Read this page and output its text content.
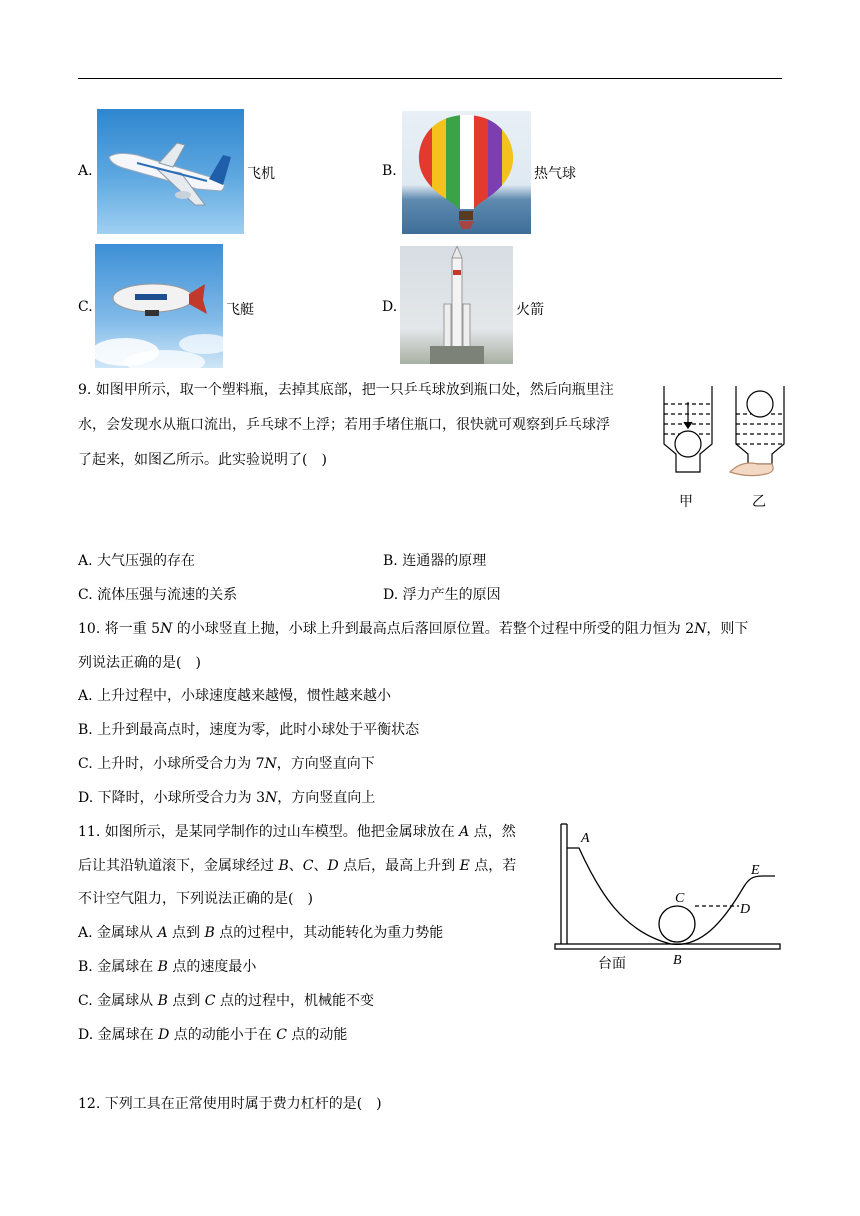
A.	飞机	B.	热气球
C.	飞艇	D.	火箭
9. 如图甲所示，取一个塑料瓶，去掉其底部，把一只乒乓球放到瓶口处，然后向瓶里注
水，会发现水从瓶口流出，乒乓球不上浮；若用手堵住瓶口，很快就可观察到乒乓球浮
了起来，如图乙所示。此实验说明了(　)
甲	乙
A. 大气压强的存在	B. 连通器的原理
C. 流体压强与流速的关系	D. 浮力产生的原因
10. 将一重 5N 的小球竖直上抛，小球上升到最高点后落回原位置。若整个过程中所受的阻力恒为 2N，则下
列说法正确的是(　)
A. 上升过程中，小球速度越来越慢，惯性越来越小
B. 上升到最高点时，速度为零，此时小球处于平衡状态
C. 上升时，小球所受合力为 7N，方向竖直向下
D. 下降时，小球所受合力为 3N，方向竖直向上
11. 如图所示，是某同学制作的过山车模型。他把金属球放在 A 点，然
后让其沿轨道滚下，金属球经过 B、C、D 点后，最高上升到 E 点，若
不计空气阻力，下列说法正确的是(　)
A. 金属球从 A 点到 B 点的过程中，其动能转化为重力势能
B. 金属球在 B 点的速度最小
C. 金属球从 B 点到 C 点的过程中，机械能不变
D. 金属球在 D 点的动能小于在 C 点的动能
A
C
D
E
B
台面
12. 下列工具在正常使用时属于费力杠杆的是(　)
